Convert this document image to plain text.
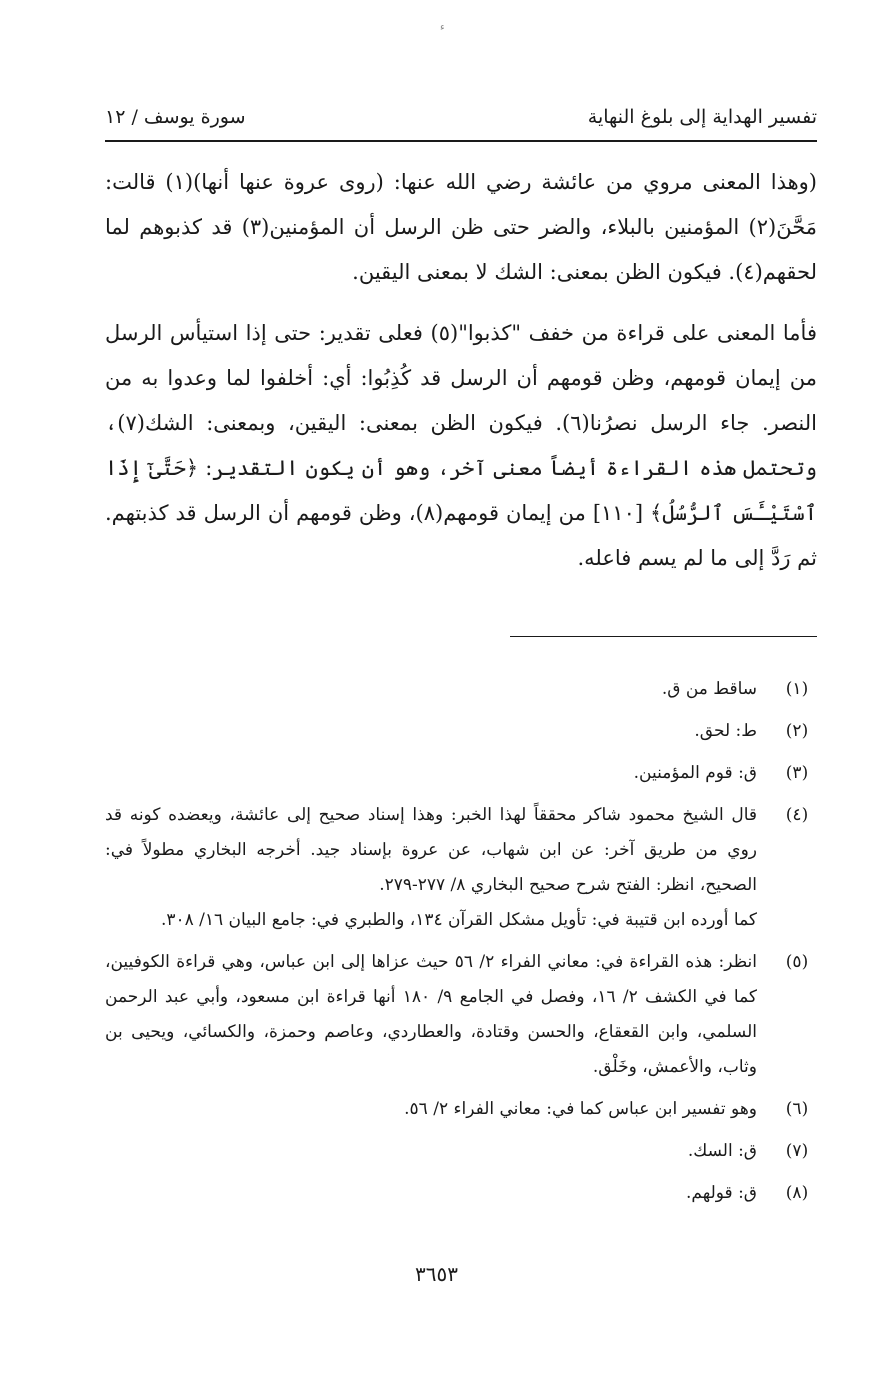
ء
تفسير الهداية إلى بلوغ النهاية
سورة يوسف / ١٢

(وهذا المعنى مروي من عائشة رضي الله عنها: (روى عروة عنها أنها)(١) قالت: مَحَّنَ(٢) المؤمنين بالبلاء، والضر حتى ظن الرسل أن المؤمنين(٣) قد كذبوهم لما لحقهم(٤). فيكون الظن بمعنى: الشك لا بمعنى اليقين.

فأما المعنى على قراءة من خفف "كذبوا"(٥) فعلى تقدير: حتى إذا استيأس الرسل من إيمان قومهم، وظن قومهم أن الرسل قد كُذِبُوا: أي: أخلفوا لما وعدوا به من النصر. جاء الرسل نصرُنا(٦). فيكون الظن بمعنى: اليقين، وبمعنى: الشك(٧)، وتحتمل هذه القراءة أيضاً معنى آخر، وهو أن يكون التقدير: ﴿حَتَّىٰٓ إِذَا ٱسْتَيْـَٔسَ ٱلرُّسُلُ﴾ [١١٠] من إيمان قومهم(٨)، وظن قومهم أن الرسل قد كذبتهم. ثم رَدَّ إلى ما لم يسم فاعله.

(١)
ساقط من ق.
(٢)
ط: لحق.
(٣)
ق: قوم المؤمنين.
(٤)
قال الشيخ محمود شاكر محققاً لهذا الخبر: وهذا إسناد صحيح إلى عائشة، ويعضده كونه قد روي من طريق آخر: عن ابن شهاب، عن عروة بإسناد جيد. أخرجه البخاري مطولاً في: الصحيح، انظر: الفتح شرح صحيح البخاري ٨/ ٢٧٧-٢٧٩.
كما أورده ابن قتيبة في: تأويل مشكل القرآن ١٣٤، والطبري في: جامع البيان ١٦/ ٣٠٨.
(٥)
انظر: هذه القراءة في: معاني الفراء ٢/ ٥٦ حيث عزاها إلى ابن عباس، وهي قراءة الكوفيين، كما في الكشف ٢/ ١٦، وفصل في الجامع ٩/ ١٨٠ أنها قراءة ابن مسعود، وأبي عبد الرحمن السلمي، وابن القعقاع، والحسن وقتادة، والعطاردي، وعاصم وحمزة، والكسائي، ويحيى بن وثاب، والأعمش، وخَلْق.
(٦)
وهو تفسير ابن عباس كما في: معاني الفراء ٢/ ٥٦.
(٧)
ق: السك.
(٨)
ق: قولهم.
٣٦٥٣
